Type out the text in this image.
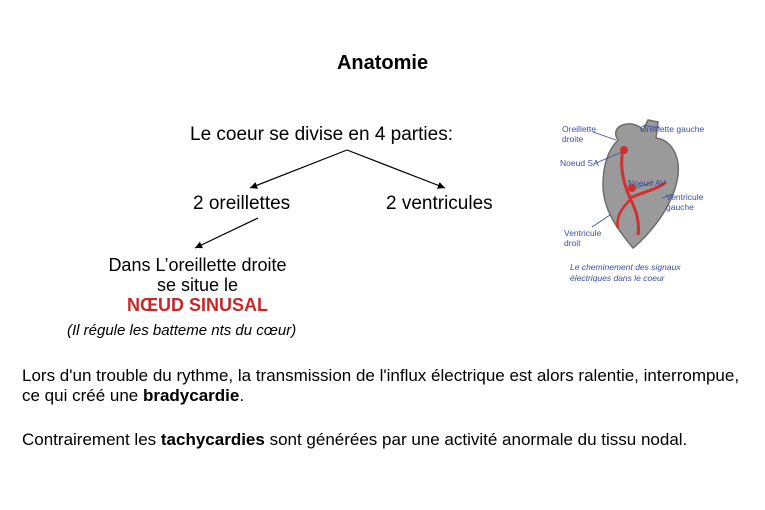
Anatomie
Le coeur se divise en 4 parties:
2 oreillettes	2 ventricules
Dans L’oreillette droite
se situe le
NŒUD SINUSAL
(Il régule les batteme nts du cœur)
Lors d'un trouble du rythme, la transmission de l'influx électrique est alors ralentie, interrompue, ce qui créé une bradycardie.
Contrairement les tachycardies sont générées par une activité anormale du tissu nodal.
Oreillette
droite
Oreillette gauche
Noeud SA
Noeud AV
Ventricule
gauche
Ventricule
droit
Le cheminement des signaux électriques dans le coeur
